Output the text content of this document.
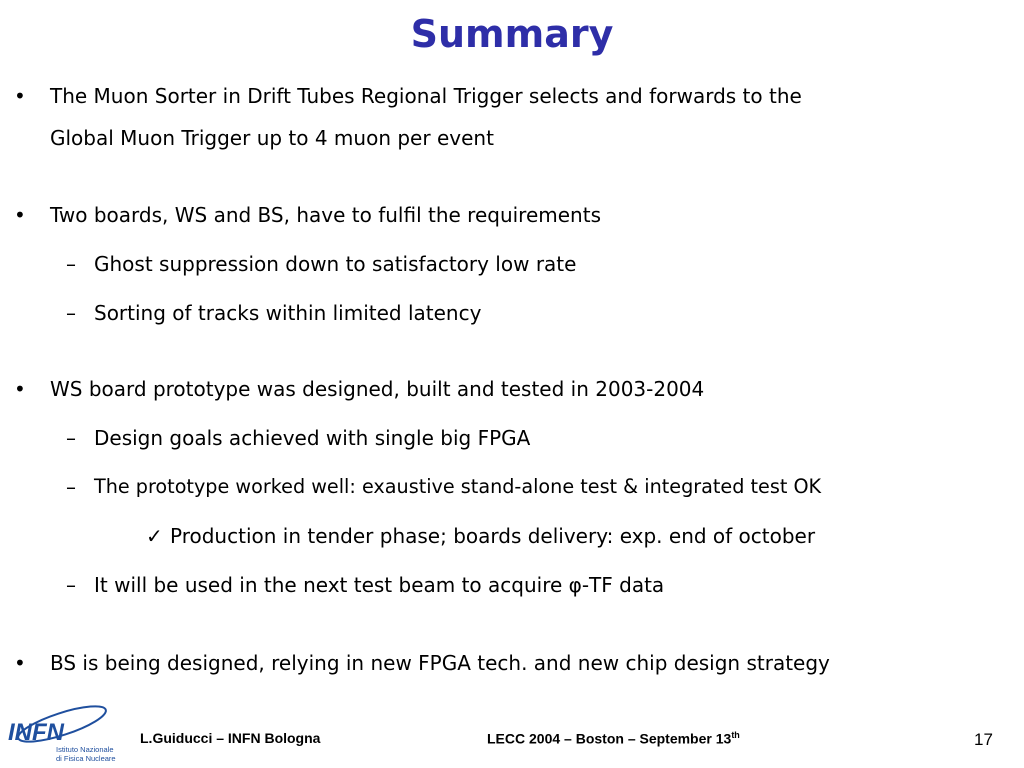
Summary
• The Muon Sorter in Drift Tubes Regional Trigger selects and forwards to the
Global Muon Trigger up to 4 muon per event
• Two boards, WS and BS, have to fulfil the requirements
– Ghost suppression down to satisfactory low rate
– Sorting of tracks within limited latency
• WS board prototype was designed, built and tested in 2003-2004
– Design goals achieved with single big FPGA
– The prototype worked well: exaustive stand-alone test & integrated test OK
✓ Production in tender phase; boards delivery: exp. end of october
– It will be used in the next test beam to acquire φ-TF data
• BS is being designed, relying in new FPGA tech. and new chip design strategy
INFN
Istituto Nazionale
di Fisica Nucleare
L.Guiducci – INFN Bologna	LECC 2004 – Boston – September 13th	17
